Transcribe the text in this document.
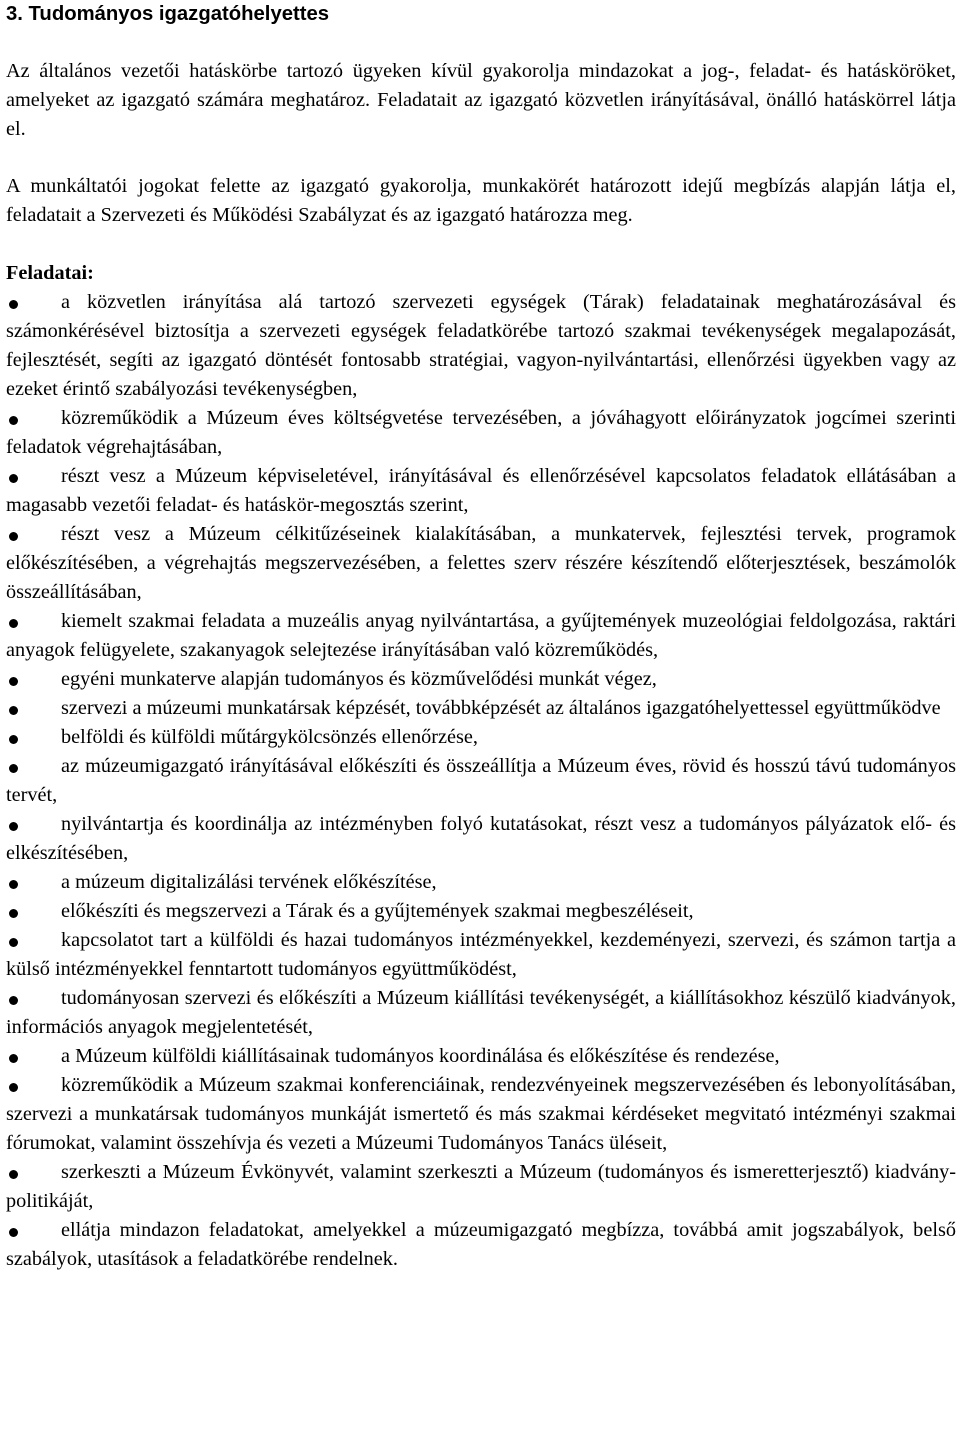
3. Tudományos igazgatóhelyettes

Az általános vezetői hatáskörbe tartozó ügyeken kívül gyakorolja mindazokat a jog-, feladat- és hatásköröket, amelyeket az igazgató számára meghatároz. Feladatait az igazgató közvetlen irányításával, önálló hatáskörrel látja el.

A munkáltatói jogokat felette az igazgató gyakorolja, munkakörét határozott idejű megbízás alapján látja el, feladatait a Szervezeti és Működési Szabályzat és az igazgató határozza meg.

Feladatai:

a közvetlen irányítása alá tartozó szervezeti egységek (Tárak) feladatainak meghatározásával és számonkérésével biztosítja a szervezeti egységek feladatkörébe tartozó szakmai tevékenységek megalapozását, fejlesztését, segíti az igazgató döntését fontosabb stratégiai, vagyon-nyilvántartási, ellenőrzési ügyekben vagy az ezeket érintő szabályozási tevékenységben,
közreműködik a Múzeum éves költségvetése tervezésében, a jóváhagyott előirányzatok jogcímei szerinti feladatok végrehajtásában,
részt vesz a Múzeum képviseletével, irányításával és ellenőrzésével kapcsolatos feladatok ellátásában a magasabb vezetői feladat- és hatáskör-megosztás szerint,
részt vesz a Múzeum célkitűzéseinek kialakításában, a munkatervek, fejlesztési tervek, programok előkészítésében, a végrehajtás megszervezésében, a felettes szerv részére készítendő előterjesztések, beszámolók összeállításában,
kiemelt szakmai feladata a muzeális anyag nyilvántartása, a gyűjtemények muzeológiai feldolgozása, raktári anyagok felügyelete, szakanyagok selejtezése irányításában való közreműködés,
egyéni munkaterve alapján tudományos és közművelődési munkát végez,
szervezi a múzeumi munkatársak képzését, továbbképzését az általános igazgatóhelyettessel együttműködve
belföldi és külföldi műtárgykölcsönzés ellenőrzése,
az múzeumigazgató irányításával előkészíti és összeállítja a Múzeum éves, rövid és hosszú távú tudományos tervét,
nyilvántartja és koordinálja az intézményben folyó kutatásokat, részt vesz a tudományos pályázatok elő- és elkészítésében,
a múzeum digitalizálási tervének előkészítése,
előkészíti és megszervezi a Tárak és a gyűjtemények szakmai megbeszéléseit,
kapcsolatot tart a külföldi és hazai tudományos intézményekkel, kezdeményezi, szervezi, és számon tartja a külső intézményekkel fenntartott tudományos együttműködést,
tudományosan szervezi és előkészíti a Múzeum kiállítási tevékenységét, a kiállításokhoz készülő kiadványok, információs anyagok megjelentetését,
a Múzeum külföldi kiállításainak tudományos koordinálása és előkészítése és rendezése,
közreműködik a Múzeum szakmai konferenciáinak, rendezvényeinek megszervezésében és lebonyolításában, szervezi a munkatársak tudományos munkáját ismertető és más szakmai kérdéseket megvitató intézményi szakmai fórumokat, valamint összehívja és vezeti a Múzeumi Tudományos Tanács üléseit,
szerkeszti a Múzeum Évkönyvét, valamint szerkeszti a Múzeum (tudományos és ismeretterjesztő) kiadvány-politikáját,
ellátja mindazon feladatokat, amelyekkel a múzeumigazgató megbízza, továbbá amit jogszabályok, belső szabályok, utasítások a feladatkörébe rendelnek.
